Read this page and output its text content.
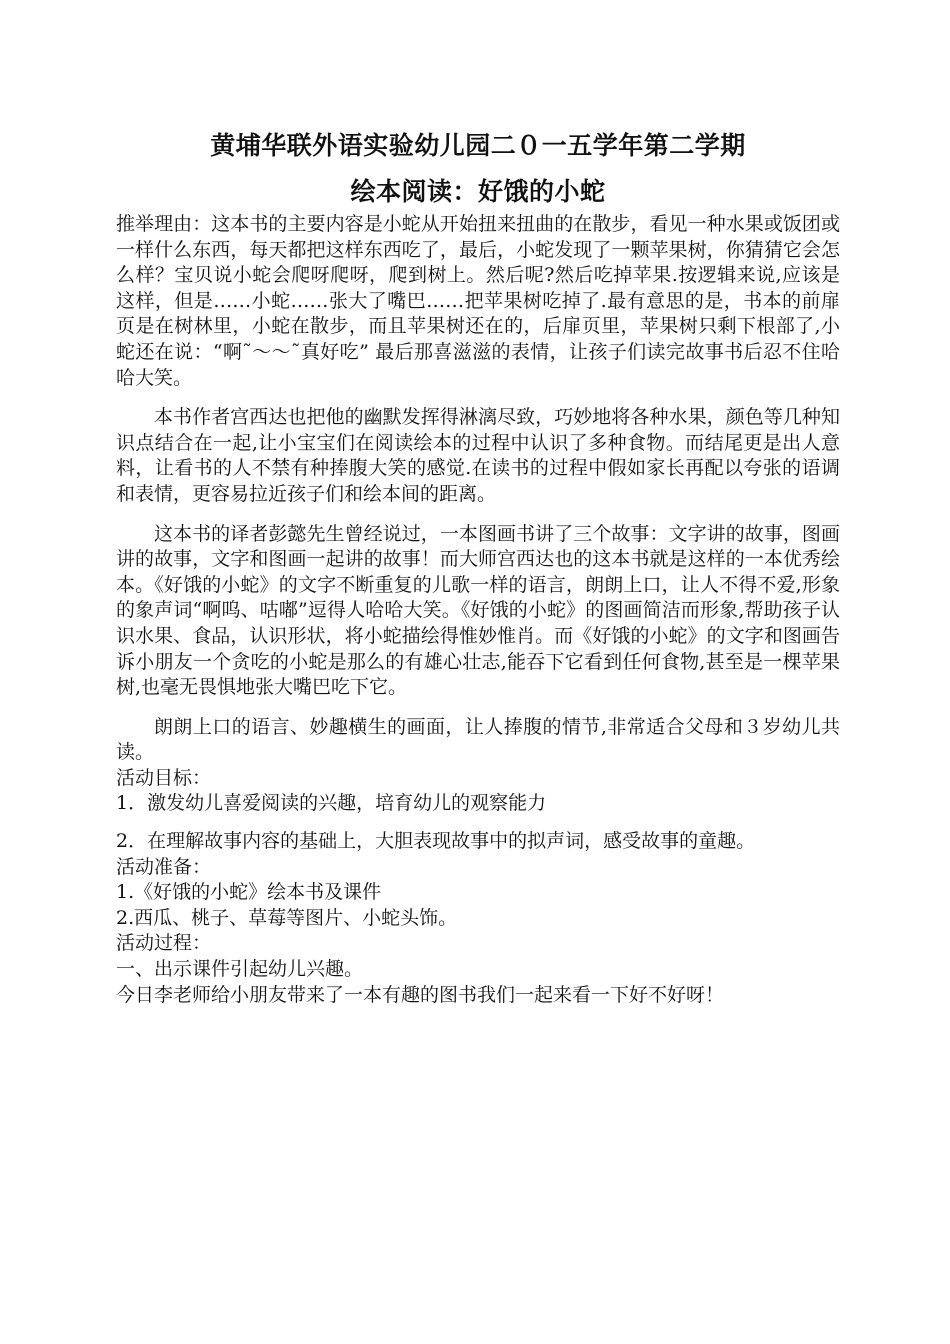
黄埔华联外语实验幼儿园二０一五学年第二学期
绘本阅读：好饿的小蛇

推举理由：这本书的主要内容是小蛇从开始扭来扭曲的在散步，看见一种水果或饭团或一样什么东西，每天都把这样东西吃了，最后，小蛇发现了一颗苹果树，你猜猜它会怎么样？宝贝说小蛇会爬呀爬呀，爬到树上。然后呢?然后吃掉苹果.按逻辑来说,应该是这样，但是……小蛇……张大了嘴巴……把苹果树吃掉了.最有意思的是，书本的前扉页是在树林里，小蛇在散步，而且苹果树还在的，后扉页里，苹果树只剩下根部了,小蛇还在说：“啊˜～～˜真好吃” 最后那喜滋滋的表情，让孩子们读完故事书后忍不住哈哈大笑。

本书作者宫西达也把他的幽默发挥得淋漓尽致，巧妙地将各种水果，颜色等几种知识点结合在一起,让小宝宝们在阅读绘本的过程中认识了多种食物。而结尾更是出人意料，让看书的人不禁有种捧腹大笑的感觉.在读书的过程中假如家长再配以夸张的语调和表情，更容易拉近孩子们和绘本间的距离。

这本书的译者彭懿先生曾经说过，一本图画书讲了三个故事：文字讲的故事，图画讲的故事，文字和图画一起讲的故事！而大师宫西达也的这本书就是这样的一本优秀绘本。《好饿的小蛇》的文字不断重复的儿歌一样的语言，朗朗上口，让人不得不爱,形象的象声词“啊呜、咕嘟”逗得人哈哈大笑。《好饿的小蛇》的图画简洁而形象,帮助孩子认识水果、食品，认识形状，将小蛇描绘得惟妙惟肖。而《好饿的小蛇》的文字和图画告诉小朋友一个贪吃的小蛇是那么的有雄心壮志,能吞下它看到任何食物,甚至是一棵苹果树,也毫无畏惧地张大嘴巴吃下它。

朗朗上口的语言、妙趣横生的画面，让人捧腹的情节,非常适合父母和３岁幼儿共读。

活动目标：

1．激发幼儿喜爱阅读的兴趣，培育幼儿的观察能力

2．在理解故事内容的基础上，大胆表现故事中的拟声词，感受故事的童趣。

活动准备：

1.《好饿的小蛇》绘本书及课件

2.西瓜、桃子、草莓等图片、小蛇头饰。

活动过程：

一、出示课件引起幼儿兴趣。

今日李老师给小朋友带来了一本有趣的图书我们一起来看一下好不好呀！
